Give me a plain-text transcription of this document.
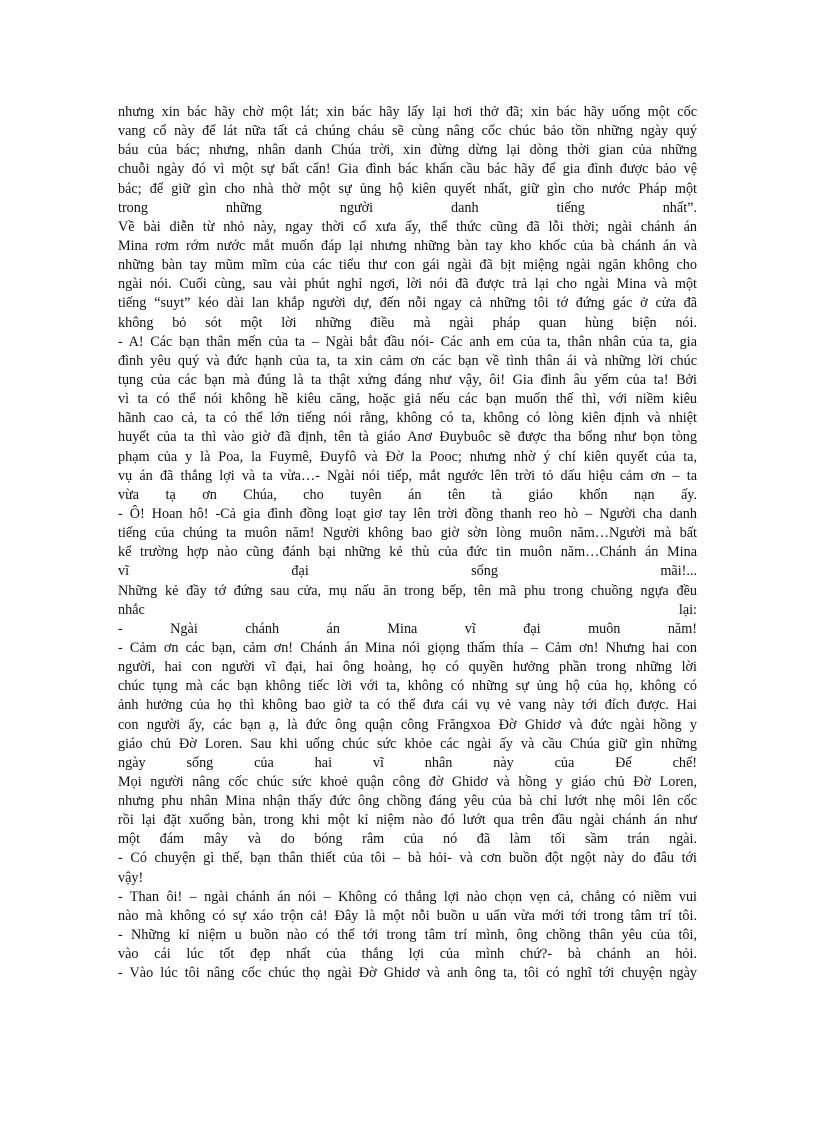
nhưng xin bác hãy chờ một lát; xin bác hãy lấy lại hơi thở đã; xin bác hãy uống một cốc
vang cổ này để lát nữa tất cả chúng cháu sẽ cùng nâng cốc chúc bảo tồn những ngày quý
báu của bác; nhưng, nhân danh Chúa trời, xin đừng dừng lại dòng thời gian của những
chuỗi ngày đó vì một sự bất cẩn! Gia đình bác khẩn cầu bác hãy để gia đình được bảo vệ
bác; để giữ gìn cho nhà thờ một sự ủng hộ kiên quyết nhất, giữ gìn cho nước Pháp một
trong những người danh tiếng nhất”.
Về bài diễn từ nhỏ này, ngay thời cổ xưa ấy, thể thức cũng đã lỗi thời; ngài chánh án
Mina rơm rớm nước mắt muốn đáp lại nhưng những bàn tay kho khốc của bà chánh án và
những bàn tay mũm mĩm của các tiểu thư con gái ngài đã bịt miệng ngài ngăn không cho
ngài nói. Cuối cùng, sau vài phút nghỉ ngơi, lời nói đã được trả lại cho ngài Mina và một
tiếng “suyt” kéo dài lan khắp người dự, đến nỗi ngay cả những tôi tớ đứng gác ở cửa đã
không bỏ sót một lời những điều mà ngài pháp quan hùng biện nói.
- A! Các bạn thân mến của ta – Ngài bắt đầu nói- Các anh em của ta, thân nhân của ta, gia
đình yêu quý và đức hạnh của ta, ta xin cảm ơn các bạn về tình thân ái và những lời chúc
tụng của các bạn mà đúng là ta thật xứng đáng như vậy, ôi! Gia đình âu yếm của ta! Bởi
vì ta có thể nói không hề kiêu căng, hoặc giả nếu các bạn muốn thế thì, với niềm kiêu
hãnh cao cả, ta có thể lớn tiếng nói rằng, không có ta, không có lòng kiên định và nhiệt
huyết của ta thì vào giờ đã định, tên tà giáo Anơ Đuybuôc sẽ được tha bổng như bọn tòng
phạm của y là Poa, la Fuymê, Đuyfô và Đờ la Pooc; nhưng nhờ ý chí kiên quyết của ta,
vụ án đã thắng lợi và ta vừa…- Ngài nói tiếp, mắt ngước lên trời tỏ dấu hiệu cảm ơn – ta
vừa tạ ơn Chúa, cho tuyên án tên tà giáo khốn nạn ấy.
- Ô! Hoan hô! -Cả gia đình đồng loạt giơ tay lên trời đồng thanh reo hò – Người cha danh
tiếng của chúng ta muôn năm! Người không bao giờ sờn lòng muôn năm…Người mà bất
kể trường hợp nào cũng đánh bại những kẻ thù của đức tin muôn năm…Chánh án Mina
vĩ đại sống mãi!...
Những kẻ đầy tớ đứng sau cửa, mụ nấu ăn trong bếp, tên mã phu trong chuồng ngựa đều
nhắc lại:
- Ngài chánh án Mina vĩ đại muôn năm!
- Cảm ơn các bạn, cảm ơn! Chánh án Mina nói giọng thấm thía – Cảm ơn! Nhưng hai con
người, hai con người vĩ đại, hai ông hoàng, họ có quyền hưởng phần trong những lời
chúc tụng mà các bạn không tiếc lời với ta, không có những sự ủng hộ của họ, không có
ảnh hưởng của họ thì không bao giờ ta có thể đưa cái vụ vẻ vang này tới đích được. Hai
con người ấy, các bạn ạ, là đức ông quận công Frăngxoa Đờ Ghidơ và đức ngài hồng y
giáo chủ Đờ Loren. Sau khi uống chúc sức khỏe các ngài ấy và cầu Chúa giữ gìn những
ngày sống của hai vĩ nhân này của Đế chế!
Mọi người nâng cốc chúc sức khoẻ quận công đờ Ghidơ và hồng y giáo chủ Đờ Loren,
nhưng phu nhân Mina nhận thấy đức ông chồng đáng yêu của bà chỉ lướt nhẹ môi lên cốc
rồi lại đặt xuống bàn, trong khi một kỉ niệm nào đó lướt qua trên đầu ngài chánh án như
một đám mây và do bóng râm của nó đã làm tối sầm trán ngài.
- Có chuyện gì thế, bạn thân thiết của tôi – bà hỏi- và cơn buồn đột ngột này do đâu tới
vậy!
- Than ôi! – ngài chánh án nói – Không có thắng lợi nào chọn vẹn cả, chẳng có niềm vui
nào mà không có sự xáo trộn cả! Đây là một nỗi buồn u uẩn vừa mới tới trong tâm trí tôi.
- Những kỉ niệm u buồn nào có thể tới trong tâm trí mình, ông chồng thân yêu của tôi,
vào cái lúc tốt đẹp nhất của thắng lợi của mình chứ?- bà chánh an hỏi.
- Vào lúc tôi nâng cốc chúc thọ ngài Đờ Ghidơ và anh ông ta, tôi có nghĩ tới chuyện ngày
